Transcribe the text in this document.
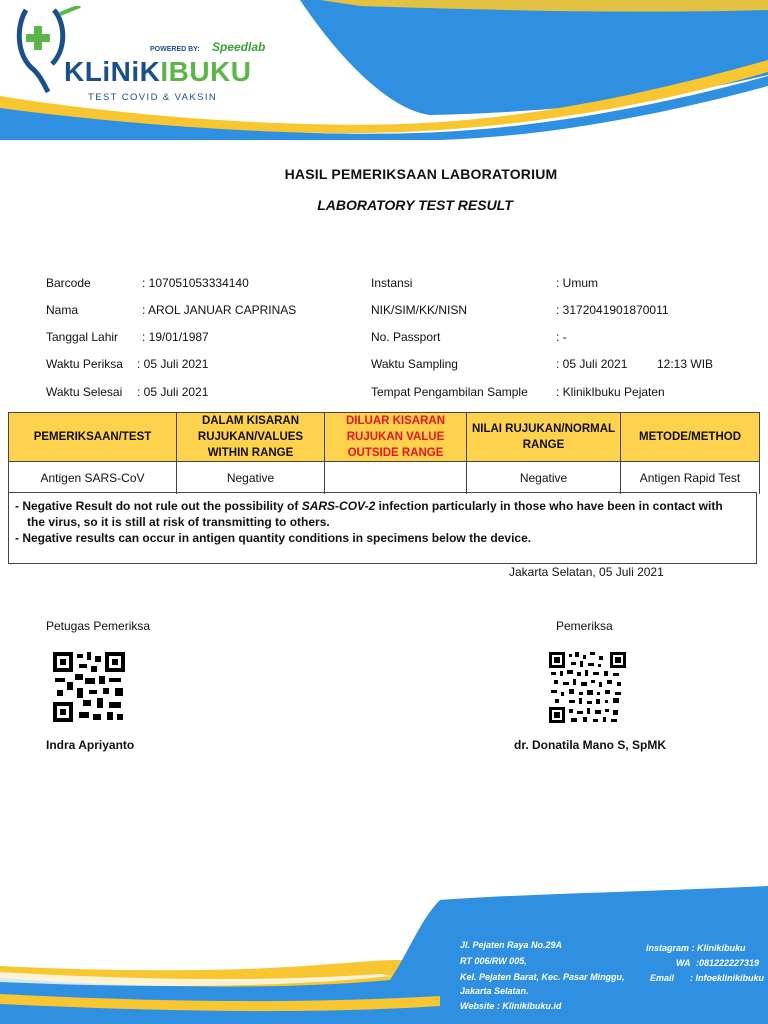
POWERED BY: Speedlab
KLiNiKIBUKU
TEST COVID & VAKSIN
HASIL PEMERIKSAAN LABORATORIUM
LABORATORY TEST RESULT
Barcode	: 107051053334140
Nama	: AROL JANUAR CAPRINAS
Tanggal Lahir : 19/01/1987
Waktu Periksa : 05 Juli 2021
Waktu Selesai : 05 Juli 2021
Instansi	: Umum
NIK/SIM/KK/NISN	: 3172041901870011
No. Passport	: -
Waktu Sampling	: 05 Juli 2021 12:13 WIB
Tempat Pengambilan Sample : KlinikIbuku Pejaten
PEMERIKSAAN/TEST	DALAM KISARAN RUJUKAN/VALUES WITHIN RANGE	DILUAR KISARAN RUJUKAN VALUE OUTSIDE RANGE	NILAI RUJUKAN/NORMAL RANGE	METODE/METHOD
Antigen SARS-CoV	Negative		Negative	Antigen Rapid Test
- Negative Result do not rule out the possibility of SARS-COV-2 infection particularly in those who have been in contact with
the virus, so it is still at risk of transmitting to others.
- Negative results can occur in antigen quantity conditions in specimens below the device.
Jakarta Selatan, 05 Juli 2021
Petugas Pemeriksa	Pemeriksa
Indra Apriyanto	dr. Donatila Mano S, SpMK
Jl. Pejaten Raya No.29A
RT 006/RW 005,
Kel. Pejaten Barat, Kec. Pasar Minggu,
Jakarta Selatan.
Website : Klinikibuku.id
instagram : Klinikibuku
WA :081222227319
Email : Infoeklinikibuku
